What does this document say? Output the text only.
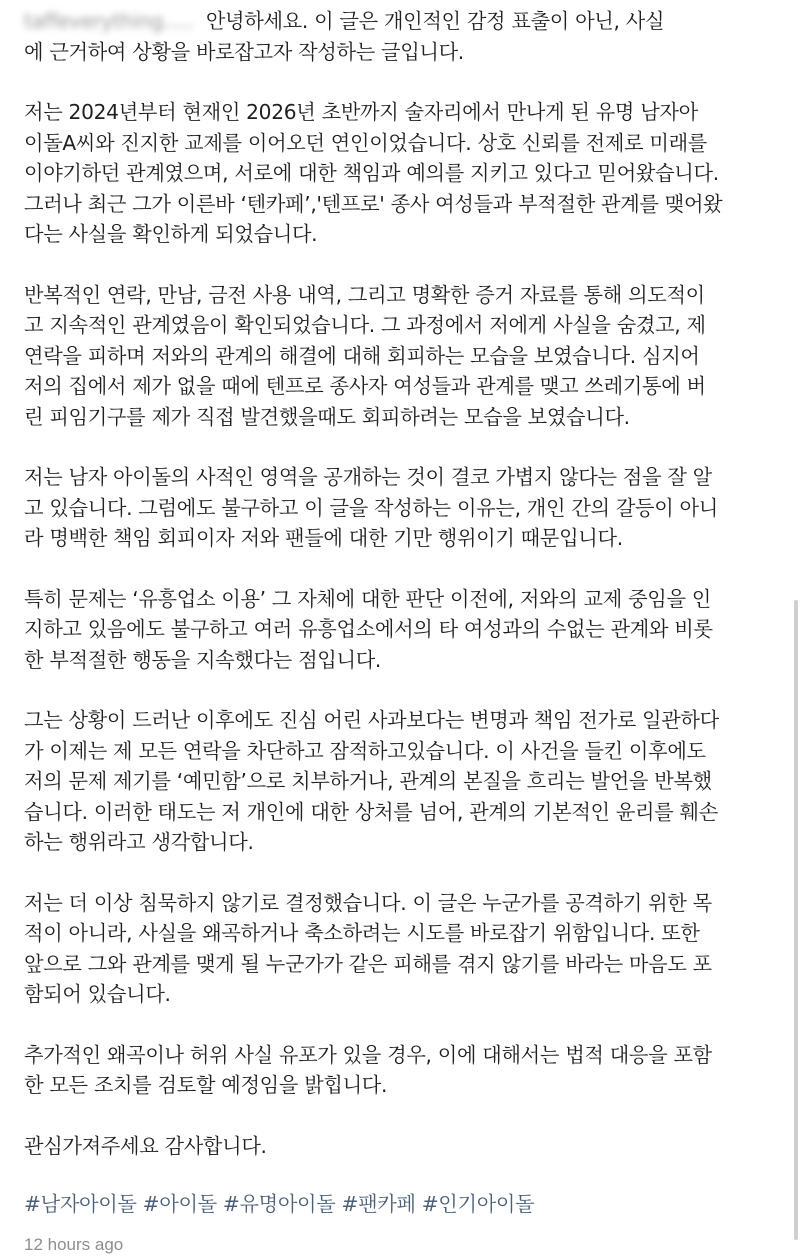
taffeverything..... 안녕하세요. 이 글은 개인적인 감정 표출이 아닌, 사실
에 근거하여 상황을 바로잡고자 작성하는 글입니다.

저는 2024년부터 현재인 2026년 초반까지 술자리에서 만나게 된 유명 남자아
이돌A씨와 진지한 교제를 이어오던 연인이었습니다. 상호 신뢰를 전제로 미래를
이야기하던 관계였으며, 서로에 대한 책임과 예의를 지키고 있다고 믿어왔습니다.
그러나 최근 그가 이른바 ‘텐카페’,'텐프로' 종사 여성들과 부적절한 관계를 맺어왔
다는 사실을 확인하게 되었습니다.

반복적인 연락, 만남, 금전 사용 내역, 그리고 명확한 증거 자료를 통해 의도적이
고 지속적인 관계였음이 확인되었습니다. 그 과정에서 저에게 사실을 숨겼고, 제
연락을 피하며 저와의 관계의 해결에 대해 회피하는 모습을 보였습니다. 심지어
저의 집에서 제가 없을 때에 텐프로 종사자 여성들과 관계를 맺고 쓰레기통에 버
린 피임기구를 제가 직접 발견했을때도 회피하려는 모습을 보였습니다.

저는 남자 아이돌의 사적인 영역을 공개하는 것이 결코 가볍지 않다는 점을 잘 알
고 있습니다. 그럼에도 불구하고 이 글을 작성하는 이유는, 개인 간의 갈등이 아니
라 명백한 책임 회피이자 저와 팬들에 대한 기만 행위이기 때문입니다.

특히 문제는 ‘유흥업소 이용’ 그 자체에 대한 판단 이전에, 저와의 교제 중임을 인
지하고 있음에도 불구하고 여러 유흥업소에서의 타 여성과의 수없는 관계와 비롯
한 부적절한 행동을 지속했다는 점입니다.

그는 상황이 드러난 이후에도 진심 어린 사과보다는 변명과 책임 전가로 일관하다
가 이제는 제 모든 연락을 차단하고 잠적하고있습니다. 이 사건을 들킨 이후에도
저의 문제 제기를 ‘예민함’으로 치부하거나, 관계의 본질을 흐리는 발언을 반복했
습니다. 이러한 태도는 저 개인에 대한 상처를 넘어, 관계의 기본적인 윤리를 훼손
하는 행위라고 생각합니다.

저는 더 이상 침묵하지 않기로 결정했습니다. 이 글은 누군가를 공격하기 위한 목
적이 아니라, 사실을 왜곡하거나 축소하려는 시도를 바로잡기 위함입니다. 또한
앞으로 그와 관계를 맺게 될 누군가가 같은 피해를 겪지 않기를 바라는 마음도 포
함되어 있습니다.

추가적인 왜곡이나 허위 사실 유포가 있을 경우, 이에 대해서는 법적 대응을 포함
한 모든 조치를 검토할 예정임을 밝힙니다.

관심가져주세요 감사합니다.

#남자아이돌 #아이돌 #유명아이돌 #팬카페 #인기아이돌
12 hours ago
